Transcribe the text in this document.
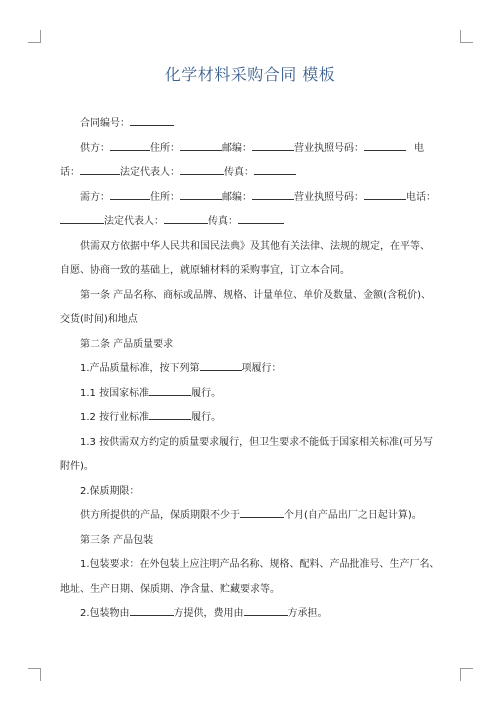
化学材料采购合同 模板
合同编号：
供方：	住所：	邮编：	营业执照号码：	电
话：	法定代表人：	传真：
需方：	住所：	邮编：	营业执照号码：	电话：
法定代表人：	传真：
供需双方依据中华人民共和国民法典》及其他有关法律、法规的规定，在平等、
自愿、协商一致的基础上，就原辅材料的采购事宜，订立本合同。
第一条 产品名称、商标或品牌、规格、计量单位、单价及数量、金额(含税价)、
交货(时间)和地点
第二条 产品质量要求
1.产品质量标准，按下列第	项履行：
1.1 按国家标准	履行。
1.2 按行业标准	履行。
1.3 按供需双方约定的质量要求履行，但卫生要求不能低于国家相关标准(可另写
附件)。
2.保质期限：
供方所提供的产品，保质期限不少于	个月(自产品出厂之日起计算)。
第三条 产品包装
1.包装要求：在外包装上应注明产品名称、规格、配料、产品批准号、生产厂名、
地址、生产日期、保质期、净含量、贮藏要求等。
2.包装物由	方提供，费用由	方承担。
